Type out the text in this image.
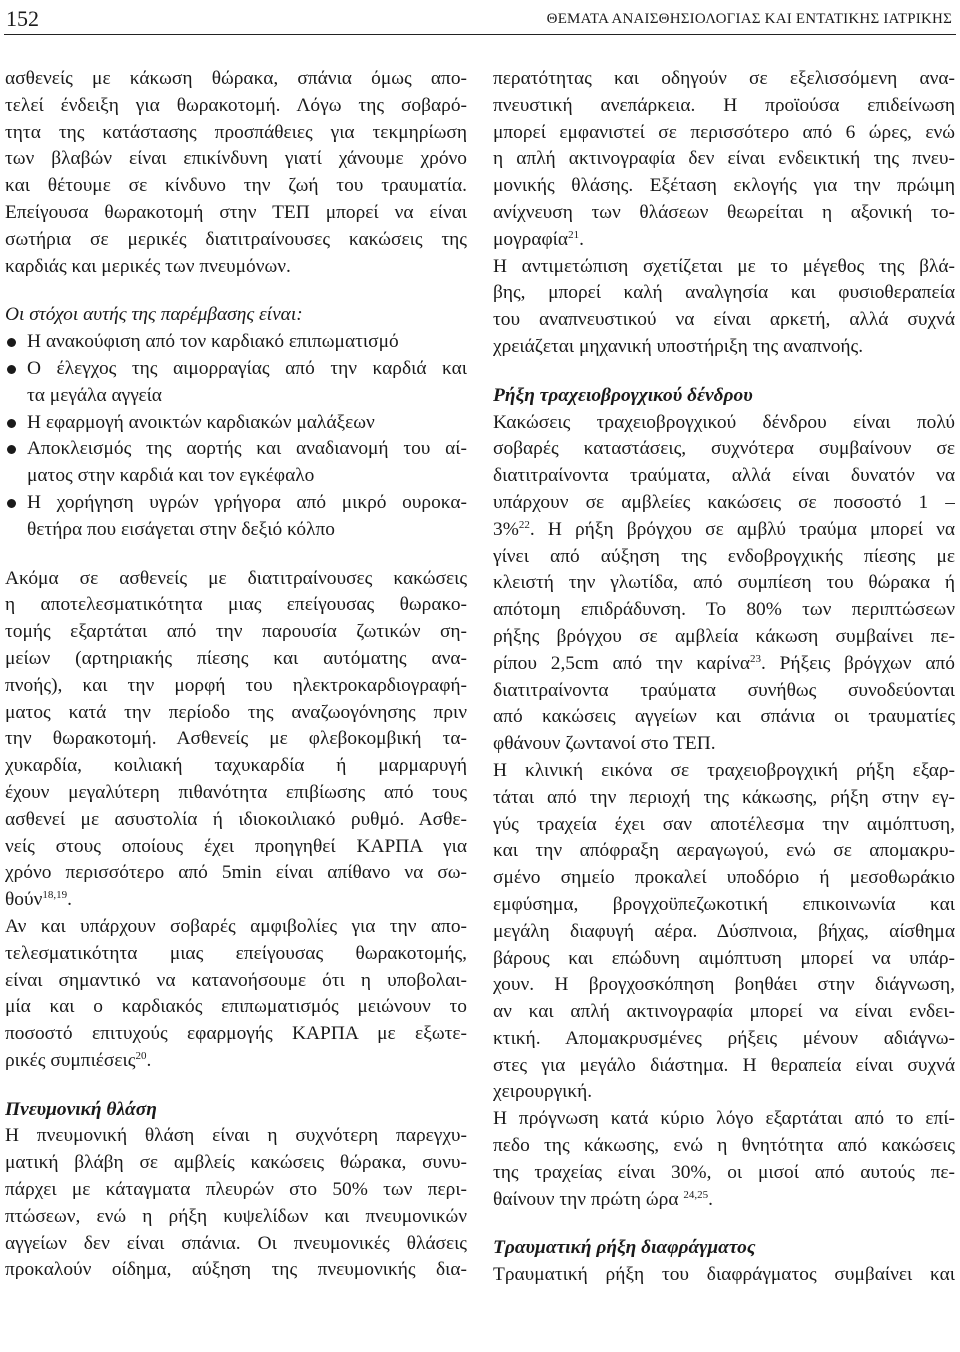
152	ΘΕΜΑΤΑ ΑΝΑΙΣΘΗΣΙΟΛΟΓΙΑΣ ΚΑΙ ΕΝΤΑΤΙΚΗΣ ΙΑΤΡΙΚΗΣ
ασθενείς με κάκωση θώρακα, σπάνια όμως απο-
τελεί ένδειξη για θωρακοτομή. Λόγω της σοβαρό-
τητα της κατάστασης προσπάθειες για τεκμηρίωση
των βλαβών είναι επικίνδυνη γιατί χάνουμε χρόνο
και θέτουμε σε κίνδυνο την ζωή του τραυματία.
Επείγουσα θωρακοτομή στην ΤΕΠ μπορεί να είναι
σωτήρια σε μερικές διατιτραίνουσες κακώσεις της
καρδιάς και μερικές των πνευμόνων.
Οι στόχοι αυτής της παρέμβασης είναι:
Η ανακούφιση από τον καρδιακό επιπωματισμό
Ο έλεγχος της αιμορραγίας από την καρδιά και
τα μεγάλα αγγεία
Η εφαρμογή ανοικτών καρδιακών μαλάξεων
Αποκλεισμός της αορτής και αναδιανομή του αί-
ματος στην καρδιά και τον εγκέφαλο
Η χορήγηση υγρών γρήγορα από μικρό ουροκα-
θετήρα που εισάγεται στην δεξιό κόλπο
Ακόμα σε ασθενείς με διατιτραίνουσες κακώσεις
η αποτελεσματικότητα μιας επείγουσας θωρακο-
τομής εξαρτάται από την παρουσία ζωτικών ση-
μείων (αρτηριακής πίεσης και αυτόματης ανα-
πνοής), και την μορφή του ηλεκτροκαρδιογραφή-
ματος κατά την περίοδο της αναζωογόνησης πριν
την θωρακοτομή. Ασθενείς με φλεβοκομβική τα-
χυκαρδία, κοιλιακή ταχυκαρδία ή μαρμαρυγή
έχουν μεγαλύτερη πιθανότητα επιβίωσης από τους
ασθενεί με ασυστολία ή ιδιοκοιλιακό ρυθμό. Ασθε-
νείς στους οποίους έχει προηγηθεί ΚΑΡΠΑ για
χρόνο περισσότερο από 5min είναι απίθανο να σω-
θούν$^{18,19}$.
Αν και υπάρχουν σοβαρές αμφιβολίες για την απο-
τελεσματικότητα μιας επείγουσας θωρακοτομής,
είναι σημαντικό να κατανοήσουμε ότι η υποβολαι-
μία και ο καρδιακός επιπωματισμός μειώνουν το
ποσοστό επιτυχούς εφαρμογής ΚΑΡΠΑ με εξωτε-
ρικές συμπιέσεις$^{20}$.
Πνευμονική θλάση
Η πνευμονική θλάση είναι η συχνότερη παρεγχυ-
ματική βλάβη σε αμβλείς κακώσεις θώρακα, συνυ-
πάρχει με κάταγματα πλευρών στο 50% των περι-
πτώσεων, ενώ η ρήξη κυψελίδων και πνευμονικών
αγγείων δεν είναι σπάνια. Οι πνευμονικές θλάσεις
προκαλούν οίδημα, αύξηση της πνευμονικής δια-
περατότητας και οδηγούν σε εξελισσόμενη ανα-
πνευστική ανεπάρκεια. Η προϊούσα επιδείνωση
μπορεί εμφανιστεί σε περισσότερο από 6 ώρες, ενώ
η απλή ακτινογραφία δεν είναι ενδεικτική της πνευ-
μονικής θλάσης. Εξέταση εκλογής για την πρώιμη
ανίχνευση των θλάσεων θεωρείται η αξονική το-
μογραφία$^{21}$.
Η αντιμετώπιση σχετίζεται με το μέγεθος της βλά-
βης, μπορεί καλή αναλγησία και φυσιοθεραπεία
του αναπνευστικού να είναι αρκετή, αλλά συχνά
χρειάζεται μηχανική υποστήριξη της αναπνοής.
Ρήξη τραχειοβρογχικού δένδρου
Κακώσεις τραχειοβρογχικού δένδρου είναι πολύ
σοβαρές καταστάσεις, συχνότερα συμβαίνουν σε
διατιτραίνοντα τραύματα, αλλά είναι δυνατόν να
υπάρχουν σε αμβλείες κακώσεις σε ποσοστό 1 –
3%$^{22}$. Η ρήξη βρόγχου σε αμβλύ τραύμα μπορεί να
γίνει από αύξηση της ενδοβρογχικής πίεσης με
κλειστή την γλωτίδα, από συμπίεση του θώρακα ή
απότομη επιδράδυνση. Το 80% των περιπτώσεων
ρήξης βρόγχου σε αμβλεία κάκωση συμβαίνει πε-
ρίπου 2,5cm από την καρίνα$^{23}$. Ρήξεις βρόγχων από
διατιτραίνοντα τραύματα συνήθως συνοδεύονται
από κακώσεις αγγείων και σπάνια οι τραυματίες
φθάνουν ζωντανοί στο ΤΕΠ.
Η κλινική εικόνα σε τραχειοβρογχική ρήξη εξαρ-
τάται από την περιοχή της κάκωσης, ρήξη στην εγ-
γύς τραχεία έχει σαν αποτέλεσμα την αιμόπτυση,
και την απόφραξη αεραγωγού, ενώ σε απομακρυ-
σμένο σημείο προκαλεί υποδόριο ή μεσοθωράκιο
εμφύσημα, βρογχοϋπεζωκοτική επικοινωνία και
μεγάλη διαφυγή αέρα. Δύσπνοια, βήχας, αίσθημα
βάρους και επώδυνη αιμόπτυση μπορεί να υπάρ-
χουν. Η βρογχοσκόπηση βοηθάει στην διάγνωση,
αν και απλή ακτινογραφία μπορεί να είναι ενδει-
κτική. Απομακρυσμένες ρήξεις μένουν αδιάγνω-
στες για μεγάλο διάστημα. Η θεραπεία είναι συχνά
χειρουργική.
Η πρόγνωση κατά κύριο λόγο εξαρτάται από το επί-
πεδο της κάκωσης, ενώ η θνητότητα από κακώσεις
της τραχείας είναι 30%, οι μισοί από αυτούς πε-
θαίνουν την πρώτη ώρα $^{24,25}$.
Τραυματική ρήξη διαφράγματος
Τραυματική ρήξη του διαφράγματος συμβαίνει και
